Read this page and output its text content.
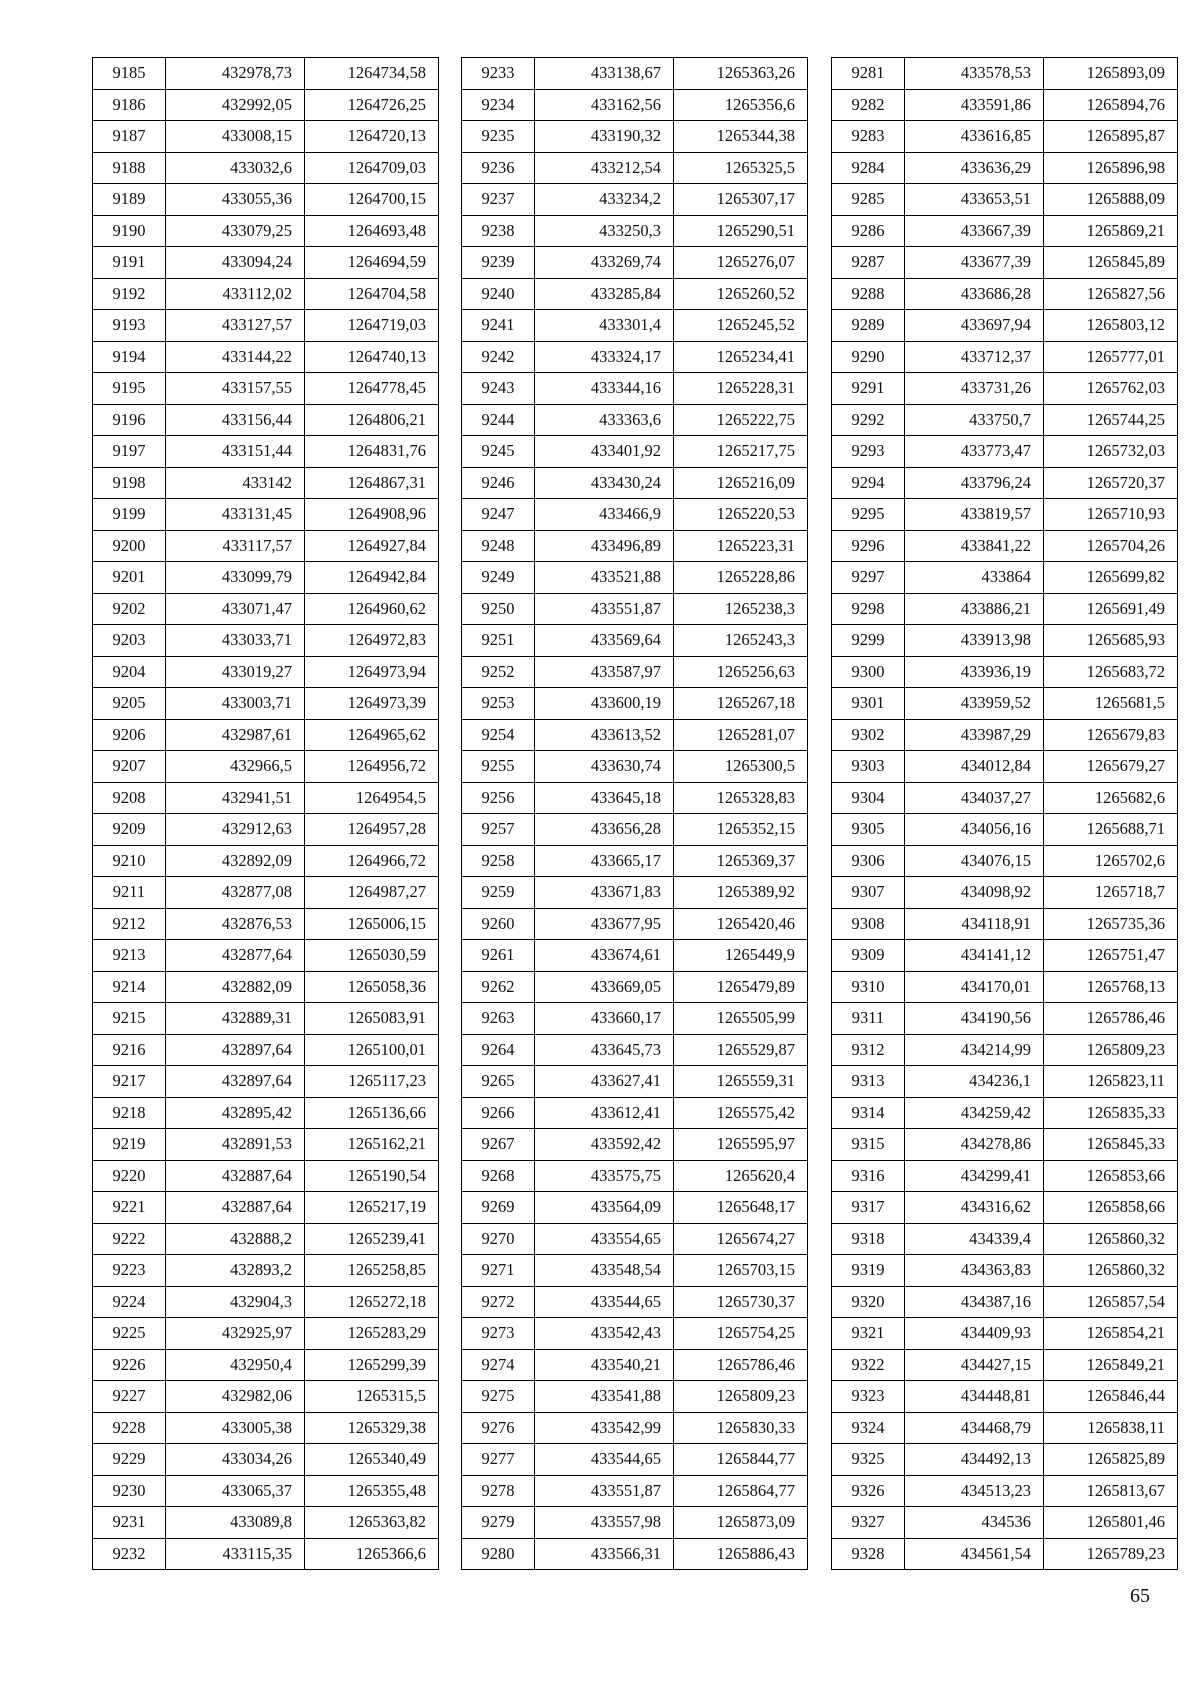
9185	432978,73	1264734,58
9186	432992,05	1264726,25
9187	433008,15	1264720,13
9188	433032,6	1264709,03
9189	433055,36	1264700,15
9190	433079,25	1264693,48
9191	433094,24	1264694,59
9192	433112,02	1264704,58
9193	433127,57	1264719,03
9194	433144,22	1264740,13
9195	433157,55	1264778,45
9196	433156,44	1264806,21
9197	433151,44	1264831,76
9198	433142	1264867,31
9199	433131,45	1264908,96
9200	433117,57	1264927,84
9201	433099,79	1264942,84
9202	433071,47	1264960,62
9203	433033,71	1264972,83
9204	433019,27	1264973,94
9205	433003,71	1264973,39
9206	432987,61	1264965,62
9207	432966,5	1264956,72
9208	432941,51	1264954,5
9209	432912,63	1264957,28
9210	432892,09	1264966,72
9211	432877,08	1264987,27
9212	432876,53	1265006,15
9213	432877,64	1265030,59
9214	432882,09	1265058,36
9215	432889,31	1265083,91
9216	432897,64	1265100,01
9217	432897,64	1265117,23
9218	432895,42	1265136,66
9219	432891,53	1265162,21
9220	432887,64	1265190,54
9221	432887,64	1265217,19
9222	432888,2	1265239,41
9223	432893,2	1265258,85
9224	432904,3	1265272,18
9225	432925,97	1265283,29
9226	432950,4	1265299,39
9227	432982,06	1265315,5
9228	433005,38	1265329,38
9229	433034,26	1265340,49
9230	433065,37	1265355,48
9231	433089,8	1265363,82
9232	433115,35	1265366,6
9233	433138,67	1265363,26
9234	433162,56	1265356,6
9235	433190,32	1265344,38
9236	433212,54	1265325,5
9237	433234,2	1265307,17
9238	433250,3	1265290,51
9239	433269,74	1265276,07
9240	433285,84	1265260,52
9241	433301,4	1265245,52
9242	433324,17	1265234,41
9243	433344,16	1265228,31
9244	433363,6	1265222,75
9245	433401,92	1265217,75
9246	433430,24	1265216,09
9247	433466,9	1265220,53
9248	433496,89	1265223,31
9249	433521,88	1265228,86
9250	433551,87	1265238,3
9251	433569,64	1265243,3
9252	433587,97	1265256,63
9253	433600,19	1265267,18
9254	433613,52	1265281,07
9255	433630,74	1265300,5
9256	433645,18	1265328,83
9257	433656,28	1265352,15
9258	433665,17	1265369,37
9259	433671,83	1265389,92
9260	433677,95	1265420,46
9261	433674,61	1265449,9
9262	433669,05	1265479,89
9263	433660,17	1265505,99
9264	433645,73	1265529,87
9265	433627,41	1265559,31
9266	433612,41	1265575,42
9267	433592,42	1265595,97
9268	433575,75	1265620,4
9269	433564,09	1265648,17
9270	433554,65	1265674,27
9271	433548,54	1265703,15
9272	433544,65	1265730,37
9273	433542,43	1265754,25
9274	433540,21	1265786,46
9275	433541,88	1265809,23
9276	433542,99	1265830,33
9277	433544,65	1265844,77
9278	433551,87	1265864,77
9279	433557,98	1265873,09
9280	433566,31	1265886,43
9281	433578,53	1265893,09
9282	433591,86	1265894,76
9283	433616,85	1265895,87
9284	433636,29	1265896,98
9285	433653,51	1265888,09
9286	433667,39	1265869,21
9287	433677,39	1265845,89
9288	433686,28	1265827,56
9289	433697,94	1265803,12
9290	433712,37	1265777,01
9291	433731,26	1265762,03
9292	433750,7	1265744,25
9293	433773,47	1265732,03
9294	433796,24	1265720,37
9295	433819,57	1265710,93
9296	433841,22	1265704,26
9297	433864	1265699,82
9298	433886,21	1265691,49
9299	433913,98	1265685,93
9300	433936,19	1265683,72
9301	433959,52	1265681,5
9302	433987,29	1265679,83
9303	434012,84	1265679,27
9304	434037,27	1265682,6
9305	434056,16	1265688,71
9306	434076,15	1265702,6
9307	434098,92	1265718,7
9308	434118,91	1265735,36
9309	434141,12	1265751,47
9310	434170,01	1265768,13
9311	434190,56	1265786,46
9312	434214,99	1265809,23
9313	434236,1	1265823,11
9314	434259,42	1265835,33
9315	434278,86	1265845,33
9316	434299,41	1265853,66
9317	434316,62	1265858,66
9318	434339,4	1265860,32
9319	434363,83	1265860,32
9320	434387,16	1265857,54
9321	434409,93	1265854,21
9322	434427,15	1265849,21
9323	434448,81	1265846,44
9324	434468,79	1265838,11
9325	434492,13	1265825,89
9326	434513,23	1265813,67
9327	434536	1265801,46
9328	434561,54	1265789,23
65
